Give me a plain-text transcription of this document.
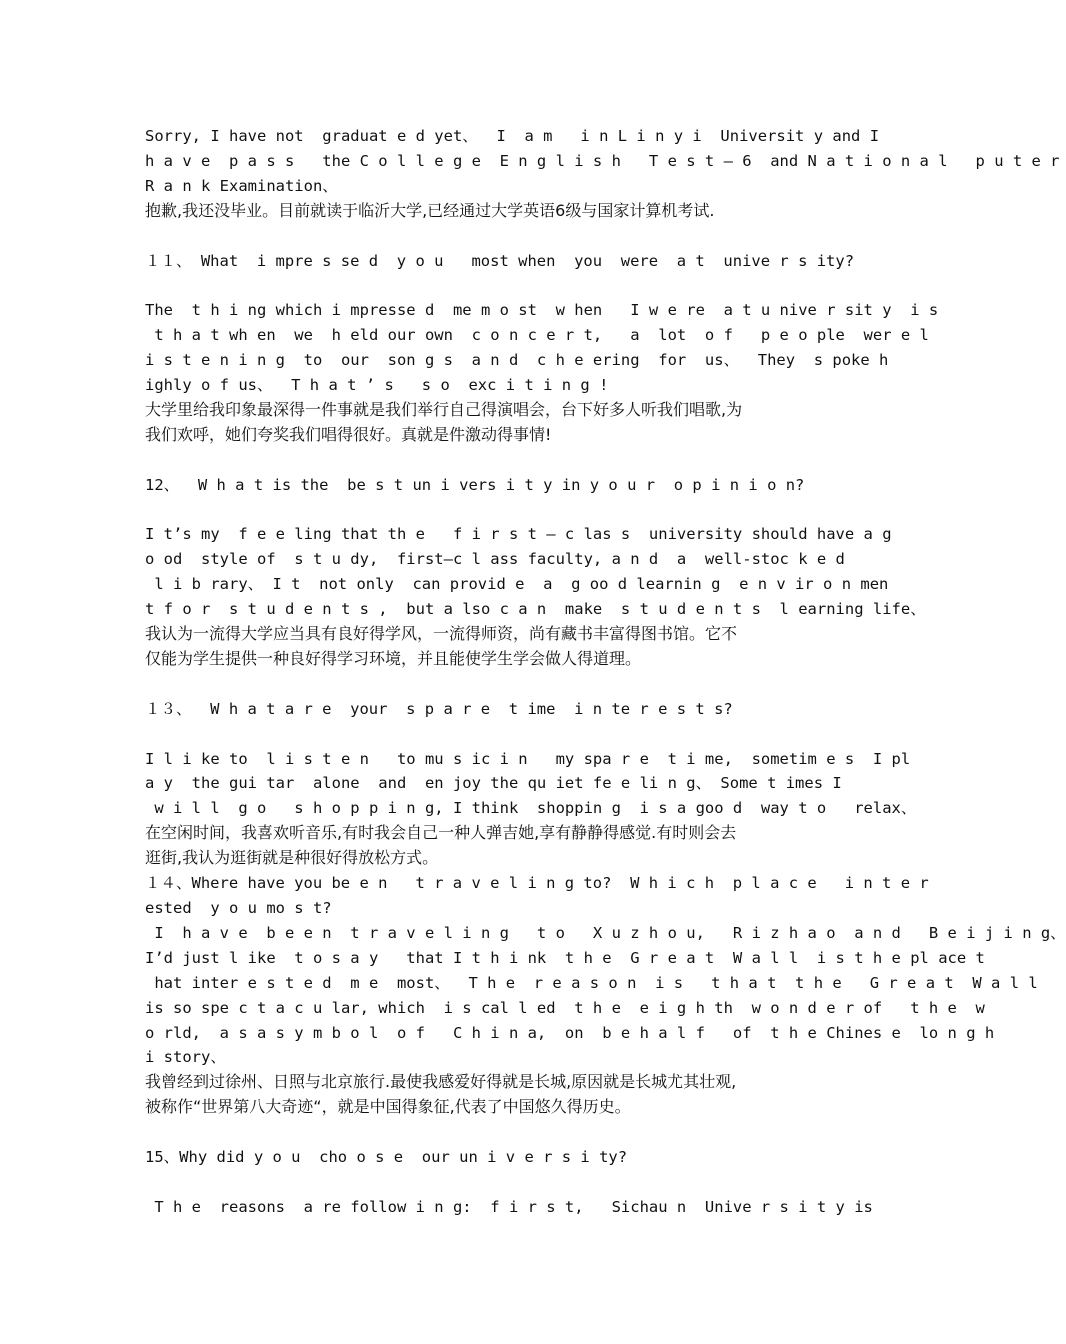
Sorry, I have not  graduat e d yet、  I  a m   i n L i n y i  Universit y and I
h a v e  p a s s   the C o l l e g e  E n g l i s h   T e s t — 6  and N a t i o n a l   p u t e r
R a n k Examination、
抱歉,我还没毕业。目前就读于临沂大学,已经通过大学英语6级与国家计算机考试.
１１、 What  i mpre s se d  y o u   most when  you  were  a t  unive r s ity?
The  t h i ng which i mpresse d  me m o st  w hen   I w e re  a t u nive r sit y  i s
t h a t wh en  we  h eld our own  c o n c e r t,   a  lot  o f   p e o ple  wer e l
i s t e n i n g  to  our  son g s  a n d  c h e ering  for  us、  They  s poke h
ighly o f us、  T h a t ’ s   s o  exc i t i n g !
大学里给我印象最深得一件事就是我们举行自己得演唱会，台下好多人听我们唱歌,为
我们欢呼，她们夸奖我们唱得很好。真就是件激动得事情!
12、  W h a t is the  be s t un i vers i t y in y o u r  o p i n i o n?
I t’s my  f e e ling that th e   f i r s t — c las s  university should have a g
o od  style of  s t u dy,  first—c l ass faculty, a n d  a  well-stoc k e d
l i b rary、 I t  not only  can provid e  a  g oo d learnin g  e n v ir o n men
t f o r  s t u d e n t s ,  but a lso c a n  make  s t u d e n t s  l earning life、
我认为一流得大学应当具有良好得学风，一流得师资，尚有藏书丰富得图书馆。它不
仅能为学生提供一种良好得学习环境，并且能使学生学会做人得道理。
１３、  W h a t a r e  your  s p a r e  t ime  i n te r e s t s?
I l i ke to  l i s t e n   to mu s ic i n   my spa r e  t i me,  sometim e s  I pl
a y  the gui tar  alone  and  en joy the qu iet fe e li n g、 Some t imes I
w i l l  g o   s h o p p i n g, I think  shoppin g  i s a goo d  way t o   relax、
在空闲时间，我喜欢听音乐,有时我会自己一种人弹吉她,享有静静得感觉.有时则会去
逛街,我认为逛街就是种很好得放松方式。
１４、Where have you be e n   t r a v e l i n g to?  W h i c h  p l a c e   i n t e r
ested  y o u mo s t?
I  h a v e  b e e n  t r a v e l i n g   t o   X u z h o u,   R i z h a o  a n d   B e i j i n g、
I’d just l ike  t o s a y   that I t h i nk  t h e  G r e a t  W a l l  i s t h e pl ace t
hat inter e s t e d  m e  most、  T h e  r e a s o n  i s   t h a t  t h e   G r e a t  W a l l
is so spe c t a c u lar, which  i s cal l ed  t h e  e i g h th  w o n d e r of   t h e  w
o rld,  a s a s y m b o l  o f   C h i n a,  on  b e h a l f   of  t h e Chines e  lo n g h
i story、
我曾经到过徐州、日照与北京旅行.最使我感爱好得就是长城,原因就是长城尤其壮观,
被称作“世界第八大奇迹“，就是中国得象征,代表了中国悠久得历史。
15、Why did y o u  cho o s e  our un i v e r s i ty?
T h e  reasons  a re follow i n g:  f i r s t,   Sichau n  Unive r s i t y is
